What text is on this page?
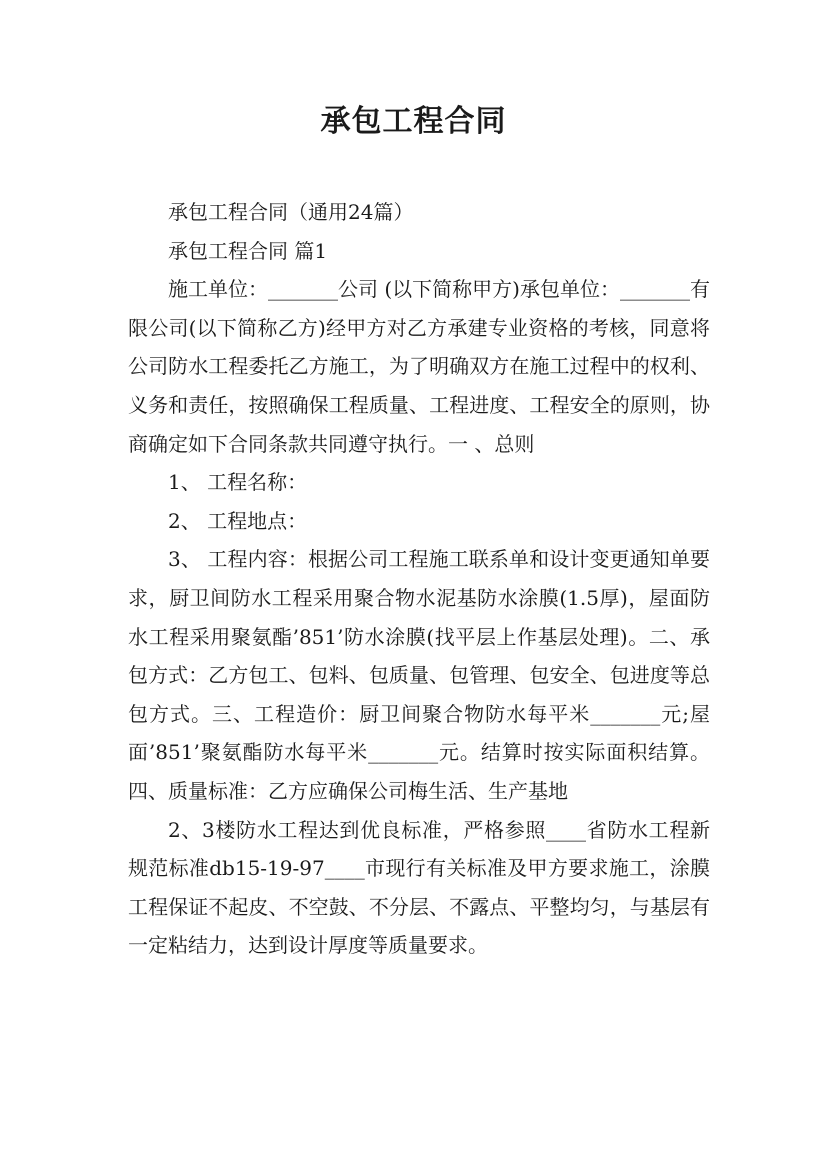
承包工程合同

承包工程合同（通用24篇）

承包工程合同 篇1

施工单位：_______公司 (以下简称甲方)承包单位：_______有限公司(以下简称乙方)经甲方对乙方承建专业资格的考核，同意将公司防水工程委托乙方施工，为了明确双方在施工过程中的权利、义务和责任，按照确保工程质量、工程进度、工程安全的原则，协商确定如下合同条款共同遵守执行。一 、总则

1、 工程名称：

2、 工程地点：

3、 工程内容：根据公司工程施工联系单和设计变更通知单要求，厨卫间防水工程采用聚合物水泥基防水涂膜(1.5厚)，屋面防水工程采用聚氨酯’851’防水涂膜(找平层上作基层处理)。二、承包方式：乙方包工、包料、包质量、包管理、包安全、包进度等总包方式。三、工程造价：厨卫间聚合物防水每平米_______元;屋面’851’聚氨酯防水每平米_______元。结算时按实际面积结算。四、质量标准：乙方应确保公司梅生活、生产基地

2、3楼防水工程达到优良标准，严格参照____省防水工程新规范标准db15-19-97____市现行有关标准及甲方要求施工，涂膜工程保证不起皮、不空鼓、不分层、不露点、平整均匀，与基层有一定粘结力，达到设计厚度等质量要求。
